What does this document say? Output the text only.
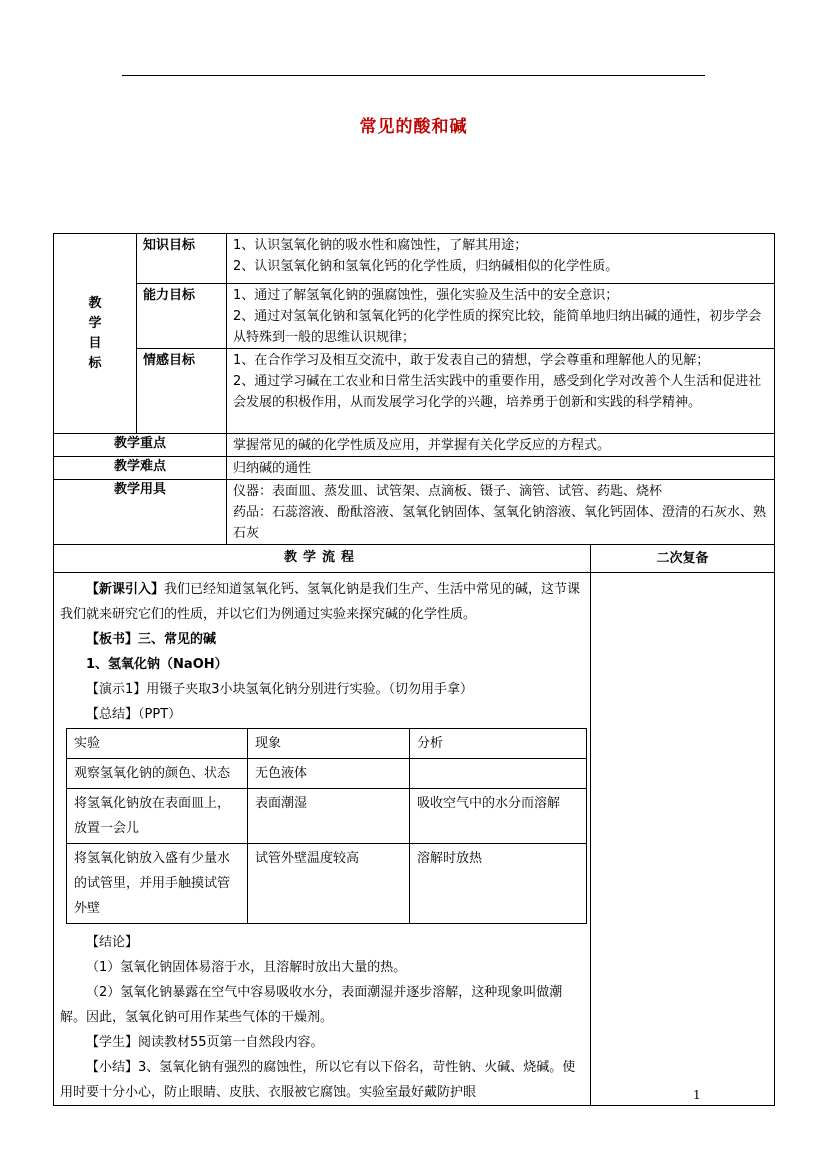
常见的酸和碱
教
学
目
标
	知识目标	1、认识氢氧化钠的吸水性和腐蚀性，了解其用途；

2、认识氢氧化钠和氢氧化钙的化学性质，归纳碱相似的化学性质。

能力目标	1、通过了解氢氧化钠的强腐蚀性，强化实验及生活中的安全意识；

2、通过对氢氧化钠和氢氧化钙的化学性质的探究比较，能简单地归纳出碱的通性，初步学会从特殊到一般的思维认识规律；

情感目标	1、在合作学习及相互交流中，敢于发表自己的猜想，学会尊重和理解他人的见解；

2、通过学习碱在工农业和日常生活实践中的重要作用，感受到化学对改善个人生活和促进社会发展的积极作用，从而发展学习化学的兴趣，培养勇于创新和实践的科学精神。

教学重点	掌握常见的碱的化学性质及应用，并掌握有关化学反应的方程式。
教学难点	归纳碱的通性
教学用具	仪器：表面皿、蒸发皿、试管架、点滴板、镊子、滴管、试管、药匙、烧杯

药品：石蕊溶液、酚酞溶液、氢氧化钠固体、氢氧化钠溶液、氧化钙固体、澄清的石灰水、熟石灰

教学流程	二次复备

【新课引入】我们已经知道氢氧化钙、氢氧化钠是我们生产、生活中常见的碱，这节课我们就来研究它们的性质，并以它们为例通过实验来探究碱的化学性质。

【板书】三、常见的碱

1、氢氧化钠（NaOH）

【演示1】用镊子夹取3小块氢氧化钠分别进行实验。（切勿用手拿）

【总结】（PPT）

实验	现象	分析
观察氢氧化钠的颜色、状态	无色液体	
将氢氧化钠放在表面皿上，放置一会儿	表面潮湿	吸收空气中的水分而溶解
将氢氧化钠放入盛有少量水的试管里，并用手触摸试管外壁	试管外壁温度较高	溶解时放热

【结论】

（1）氢氧化钠固体易溶于水，且溶解时放出大量的热。

（2）氢氧化钠暴露在空气中容易吸收水分，表面潮湿并逐步溶解，这种现象叫做潮解。因此，氢氧化钠可用作某些气体的干燥剂。

【学生】阅读教材55页第一自然段内容。

【小结】3、氢氧化钠有强烈的腐蚀性，所以它有以下俗名，苛性钠、火碱、烧碱。使用时要十分小心，防止眼睛、皮肤、衣服被它腐蚀。实验室最好戴防护眼

		1
